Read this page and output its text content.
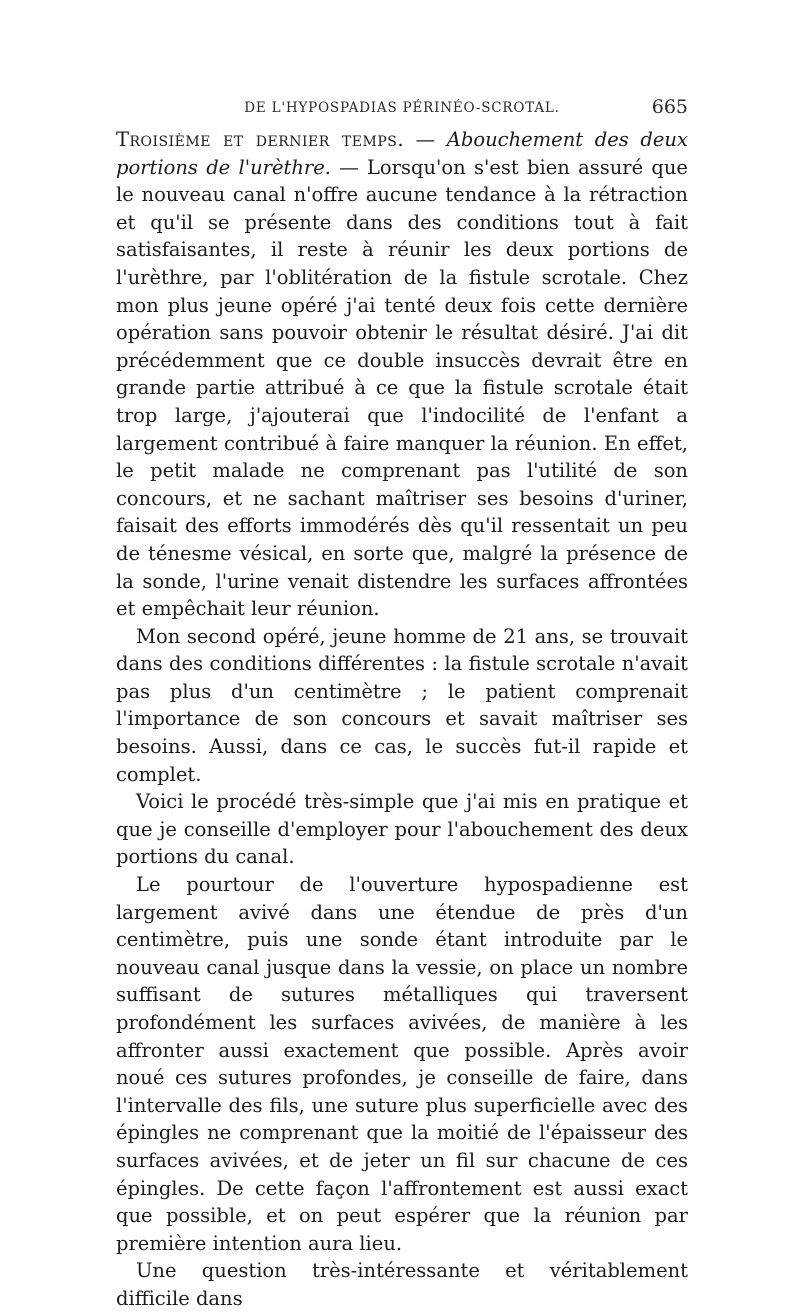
DE L'HYPOSPADIAS PÉRINÉO-SCROTAL.	665

Troisième et dernier temps. — Abouchement des deux portions de l'urèthre. — Lorsqu'on s'est bien assuré que le nouveau canal n'offre aucune tendance à la rétraction et qu'il se présente dans des conditions tout à fait satisfaisantes, il reste à réunir les deux portions de l'urèthre, par l'oblitération de la fistule scrotale. Chez mon plus jeune opéré j'ai tenté deux fois cette dernière opération sans pouvoir obtenir le résultat désiré. J'ai dit précédemment que ce double insuccès devrait être en grande partie attribué à ce que la fistule scrotale était trop large, j'ajouterai que l'indocilité de l'enfant a largement contribué à faire manquer la réunion. En effet, le petit malade ne comprenant pas l'utilité de son concours, et ne sachant maîtriser ses besoins d'uriner, faisait des efforts immodérés dès qu'il ressentait un peu de ténesme vésical, en sorte que, malgré la présence de la sonde, l'urine venait distendre les surfaces affrontées et empêchait leur réunion.

Mon second opéré, jeune homme de 21 ans, se trouvait dans des conditions différentes : la fistule scrotale n'avait pas plus d'un centimètre ; le patient comprenait l'importance de son concours et savait maîtriser ses besoins. Aussi, dans ce cas, le succès fut-il rapide et complet.

Voici le procédé très-simple que j'ai mis en pratique et que je conseille d'employer pour l'abouchement des deux portions du canal.

Le pourtour de l'ouverture hypospadienne est largement avivé dans une étendue de près d'un centimètre, puis une sonde étant introduite par le nouveau canal jusque dans la vessie, on place un nombre suffisant de sutures métalliques qui traversent profondément les surfaces avivées, de manière à les affronter aussi exactement que possible. Après avoir noué ces sutures profondes, je conseille de faire, dans l'intervalle des fils, une suture plus superficielle avec des épingles ne comprenant que la moitié de l'épaisseur des surfaces avivées, et de jeter un fil sur chacune de ces épingles. De cette façon l'affrontement est aussi exact que possible, et on peut espérer que la réunion par première intention aura lieu.

Une question très-intéressante et véritablement difficile dans
